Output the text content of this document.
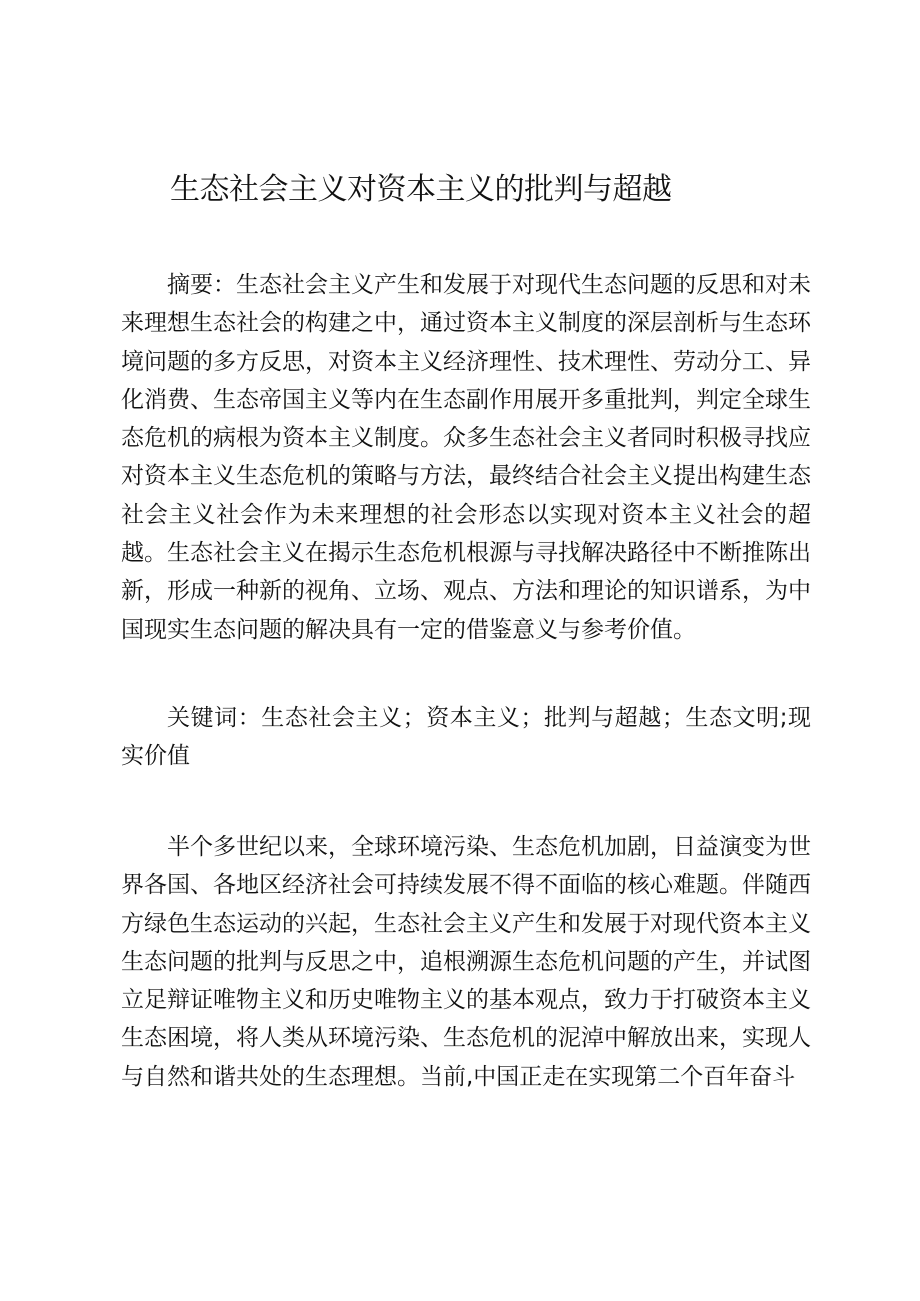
生态社会主义对资本主义的批判与超越

摘要：生态社会主义产生和发展于对现代生态问题的反思和对未来理想生态社会的构建之中，通过资本主义制度的深层剖析与生态环境问题的多方反思，对资本主义经济理性、技术理性、劳动分工、异化消费、生态帝国主义等内在生态副作用展开多重批判，判定全球生态危机的病根为资本主义制度。众多生态社会主义者同时积极寻找应对资本主义生态危机的策略与方法，最终结合社会主义提出构建生态社会主义社会作为未来理想的社会形态以实现对资本主义社会的超越。生态社会主义在揭示生态危机根源与寻找解决路径中不断推陈出新，形成一种新的视角、立场、观点、方法和理论的知识谱系，为中国现实生态问题的解决具有一定的借鉴意义与参考价值。

关键词：生态社会主义；资本主义；批判与超越；生态文明;现实价值

半个多世纪以来，全球环境污染、生态危机加剧，日益演变为世界各国、各地区经济社会可持续发展不得不面临的核心难题。伴随西方绿色生态运动的兴起，生态社会主义产生和发展于对现代资本主义生态问题的批判与反思之中，追根溯源生态危机问题的产生，并试图立足辩证唯物主义和历史唯物主义的基本观点，致力于打破资本主义生态困境，将人类从环境污染、生态危机的泥淖中解放出来，实现人与自然和谐共处的生态理想。当前,中国正走在实现第二个百年奋斗
